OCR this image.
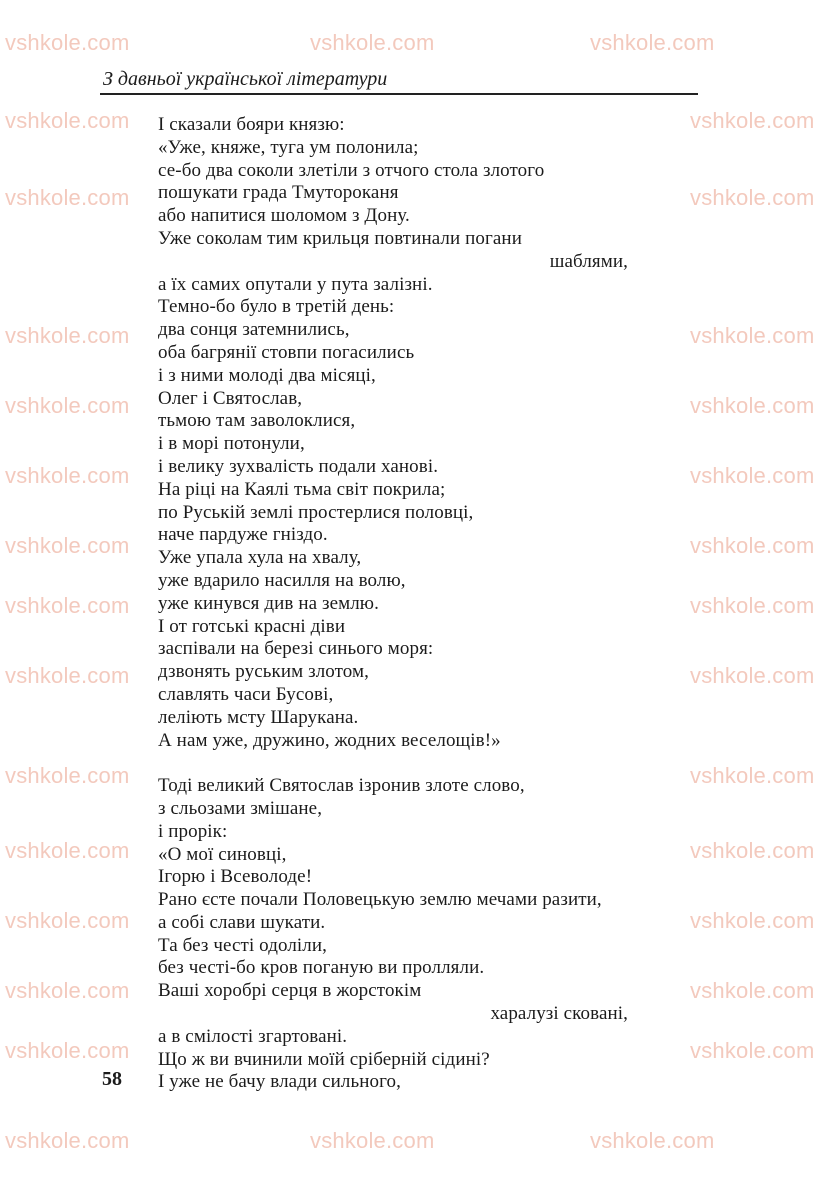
vshkole.com	vshkole.com	vshkole.com
vshkole.com	vshkole.com
vshkole.com	vshkole.com
vshkole.com	vshkole.com
vshkole.com	vshkole.com
vshkole.com	vshkole.com
vshkole.com	vshkole.com
vshkole.com	vshkole.com
vshkole.com	vshkole.com
vshkole.com	vshkole.com
vshkole.com	vshkole.com
vshkole.com	vshkole.com
vshkole.com	vshkole.com
vshkole.com	vshkole.com
vshkole.com	vshkole.com	vshkole.com
З давньої української літератури
І сказали бояри князю:
«Уже, княже, туга ум полонила;
се-бо два соколи злетіли з отчого стола злотого
пошукати града Тмутороканя
або напитися шоломом з Дону.
Уже соколам тим крильця повтинали погани
шаблями,
а їх самих опутали у пута залізні.
Темно-бо було в третій день:
два сонця затемнились,
оба багрянії стовпи погасились
і з ними молоді два місяці,
Олег і Святослав,
тьмою там заволоклися,
і в морі потонули,
і велику зухвалість подали ханові.
На ріці на Каялі тьма світ покрила;
по Руській землі простерлися половці,
наче пардуже гніздо.
Уже упала хула на хвалу,
уже вдарило насилля на волю,
уже кинувся див на землю.
І от готські красні діви
заспівали на березі синього моря:
дзвонять руським злотом,
славлять часи Бусові,
леліють мсту Шарукана.
А нам уже, дружино, жодних веселощів!»
Тоді великий Святослав ізронив злоте слово,
з сльозами змішане,
і прорік:
«О мої синовці,
Ігорю і Всеволоде!
Рано єсте почали Половецькую землю мечами разити,
а собі слави шукати.
Та без честі одоліли,
без честі-бо кров поганую ви пролляли.
Ваші хоробрі серця в жорстокім
харалузі сковані,
а в смілості згартовані.
Що ж ви вчинили моїй сріберній сідині?
І уже не бачу влади сильного,
58
